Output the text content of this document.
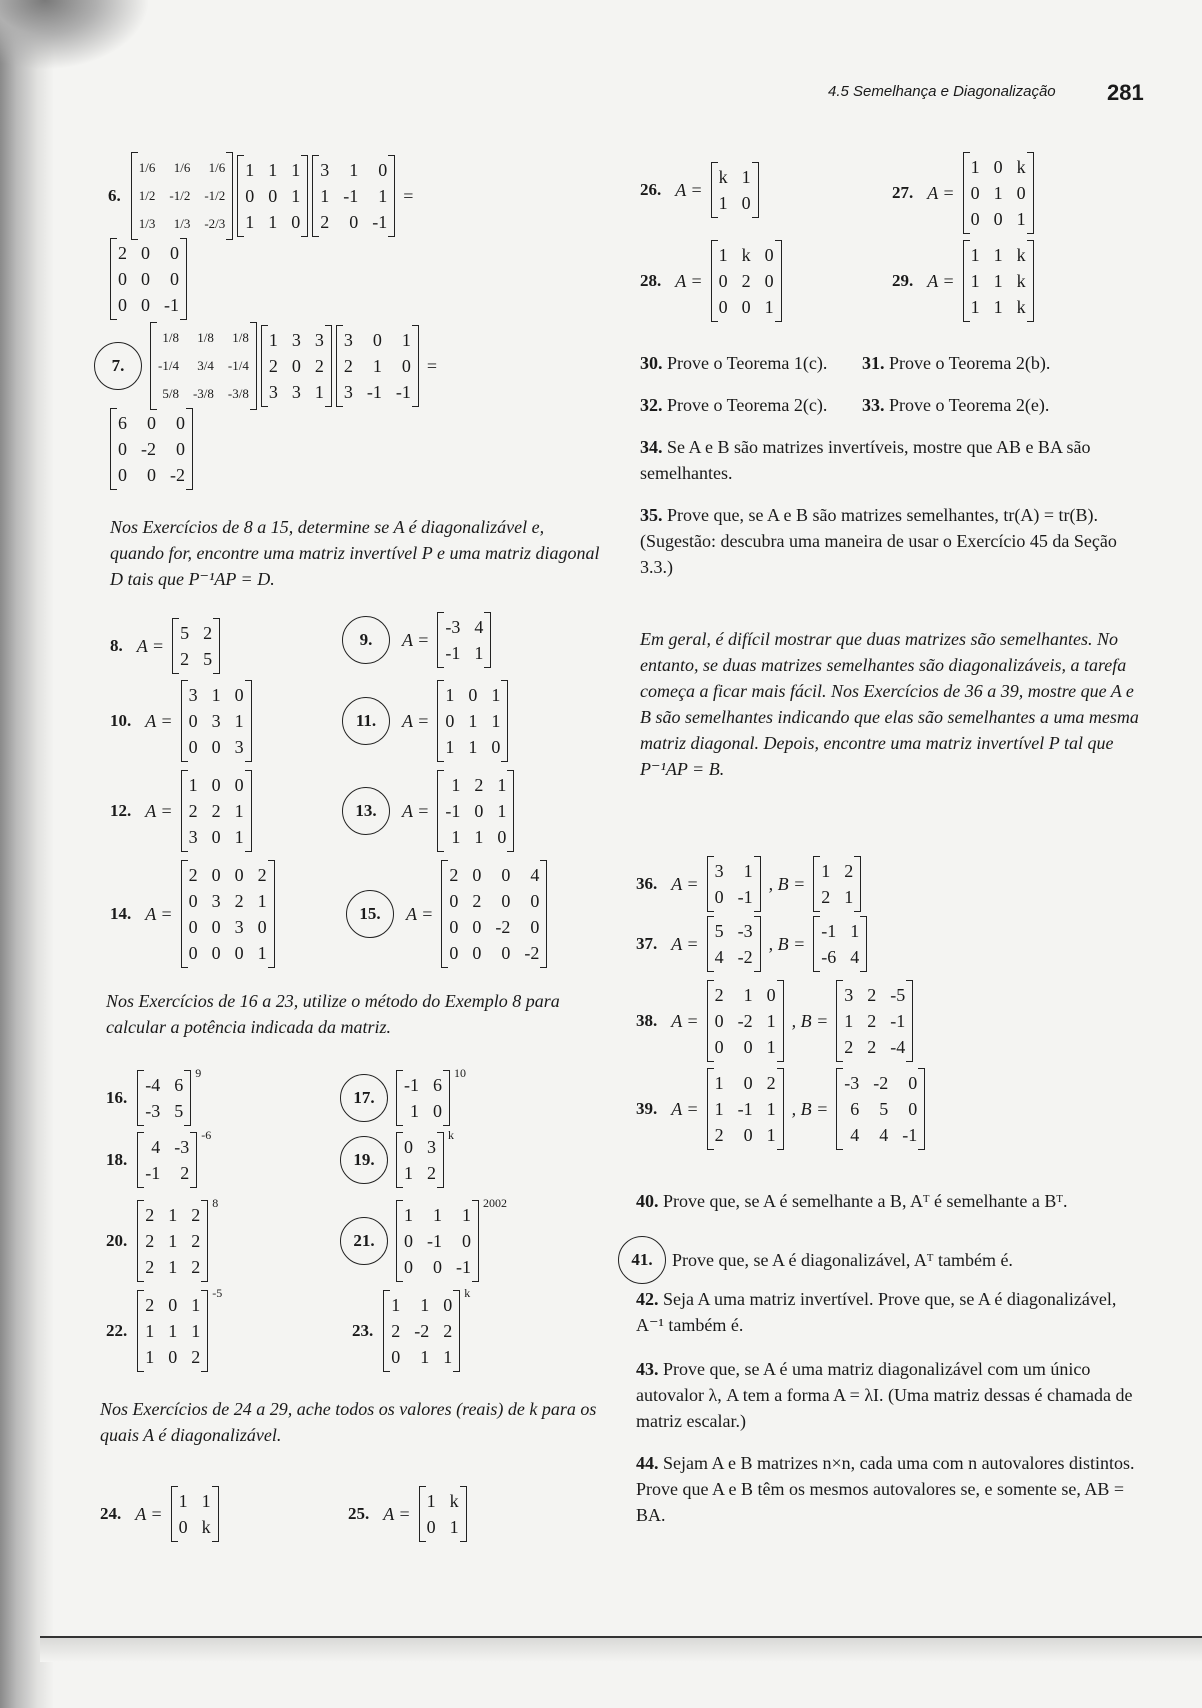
4.5 Semelhança e Diagonalização 281
6.
1/6	1/6	1/6
1/2 -1/2 -1/2
1/3	1/3 -2/3
1 1 1
0 0 1
1 1 0
3	1	0
1 -1	1
2	0 -1
=
2 0	0
0 0	0
0 0 -1
7.
1/8	1/8	1/8
-1/4	3/4 -1/4
5/8 -3/8 -3/8
1 3 3
2 0 2
3 3 1
3	0	1
2	1	0
3 -1 -1
=
6	0	0
0 -2	0
0	0 -2
Nos Exercícios de 8 a 15, determine se A é diagonalizável e, quando for, encontre uma matriz invertível P e uma matriz diagonal D tais que P⁻¹AP = D.
8. A =
5 2
2 5
9.	A =
-3 4
-1 1
10. A =
3 1 0
0 3 1
0 0 3
11.	A =
1 0 1
0 1 1
1 1 0
12. A =
1 0 0
2 2 1
3 0 1
13.	A =
1 2 1
-1 0 1
1 1 0
14. A =
2 0 0 2
0 3 2 1
0 0 3 0
0 0 0 1
15.	A =
2 0	0	4
0 2	0	0
0 0 -2	0
0 0	0 -2
Nos Exercícios de 16 a 23, utilize o método do Exemplo 8 para calcular a potência indicada da matriz.
16.
-4 6
-3 5
9
17.
-1 6
1 0
10
18.
4 -3
-1	2
-6
19.
0 3
1 2
k
20.
2 1 2
2 1 2
2 1 2
8
21.
1	1	1
0 -1	0
0	0 -1
2002
22.
2 0 1
1 1 1
1 0 2
-5
23.
1	1 0
2 -2 2
0	1 1
k
Nos Exercícios de 24 a 29, ache todos os valores (reais) de k para os quais A é diagonalizável.
24. A =
1 1
0 k
25. A =
1 k
0 1
26. A =
k 1
1 0
27. A =
1 0 k
0 1 0
0 0 1
28. A =
1 k 0
0 2 0
0 0 1
29. A =
1 1 k
1 1 k
1 1 k
30. Prove o Teorema 1(c). 31. Prove o Teorema 2(b).
32. Prove o Teorema 2(c). 33. Prove o Teorema 2(e).
34. Se A e B são matrizes invertíveis, mostre que AB e BA são semelhantes.
35. Prove que, se A e B são matrizes semelhantes, tr(A) = tr(B). (Sugestão: descubra uma maneira de usar o Exercício 45 da Seção 3.3.)
Em geral, é difícil mostrar que duas matrizes são semelhantes. No entanto, se duas matrizes semelhantes são diagonalizáveis, a tarefa começa a ficar mais fácil. Nos Exercícios de 36 a 39, mostre que A e B são semelhantes indicando que elas são semelhantes a uma mesma matriz diagonal. Depois, encontre uma matriz invertível P tal que P⁻¹AP = B.
36. A =
3	1
0 -1
, B =
1 2
2 1
37. A =
5 -3
4 -2
, B =
-1 1
-6 4
38. A =
2	1 0
0 -2 1
0	0 1
, B =
3 2 -5
1 2 -1
2 2 -4
39. A =
1	0 2
1 -1 1
2	0 1
, B =
-3 -2	0
6	5	0
4	4 -1
40. Prove que, se A é semelhante a B, Aᵀ é semelhante a Bᵀ.
41.	Prove que, se A é diagonalizável, Aᵀ também é.
42. Seja A uma matriz invertível. Prove que, se A é diagonalizável, A⁻¹ também é.
43. Prove que, se A é uma matriz diagonalizável com um único autovalor λ, A tem a forma A = λI. (Uma matriz dessas é chamada de matriz escalar.)
44. Sejam A e B matrizes n×n, cada uma com n autovalores distintos. Prove que A e B têm os mesmos autovalores se, e somente se, AB = BA.
